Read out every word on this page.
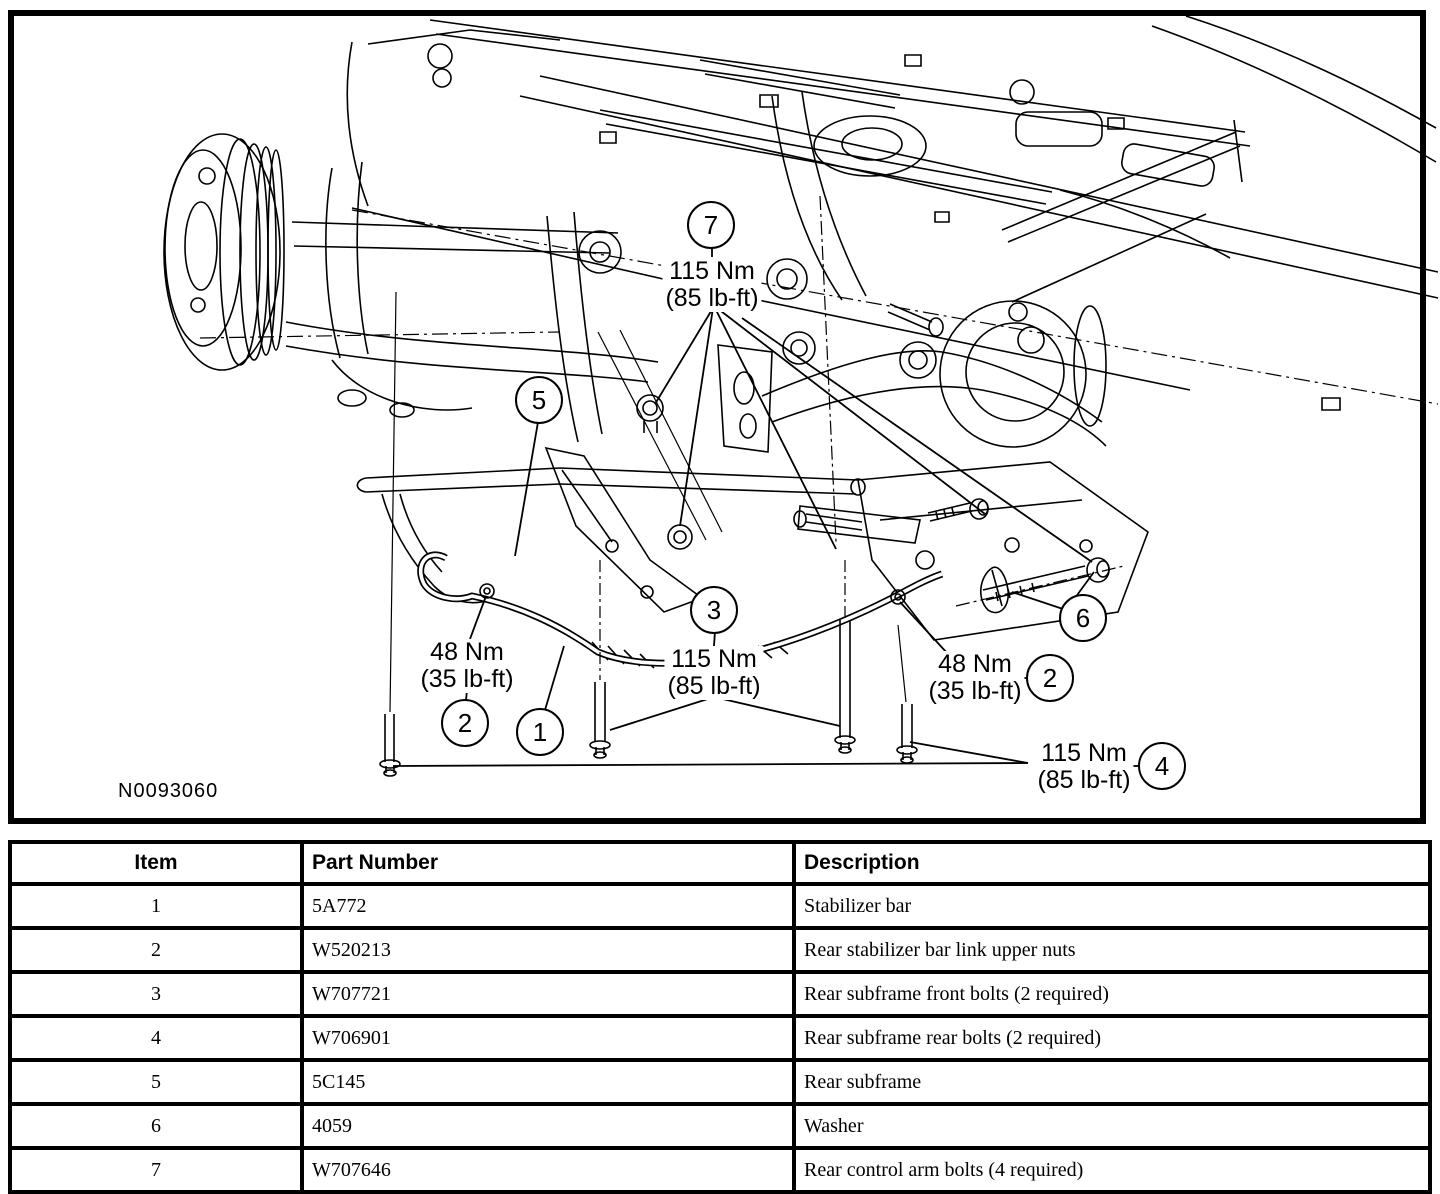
7
5
3
2 1
2
6
4
115 Nm
(85 lb-ft)
48 Nm
(35 lb-ft)
115 Nm
(85 lb-ft)
48 Nm
(35 lb-ft)
115 Nm
(85 lb-ft)
N0093060
Item	Part Number	Description
1	5A772	Stabilizer bar
2	W520213	Rear stabilizer bar link upper nuts
3	W707721	Rear subframe front bolts (2 required)
4	W706901	Rear subframe rear bolts (2 required)
5	5C145	Rear subframe
6	4059	Washer
7	W707646	Rear control arm bolts (4 required)
